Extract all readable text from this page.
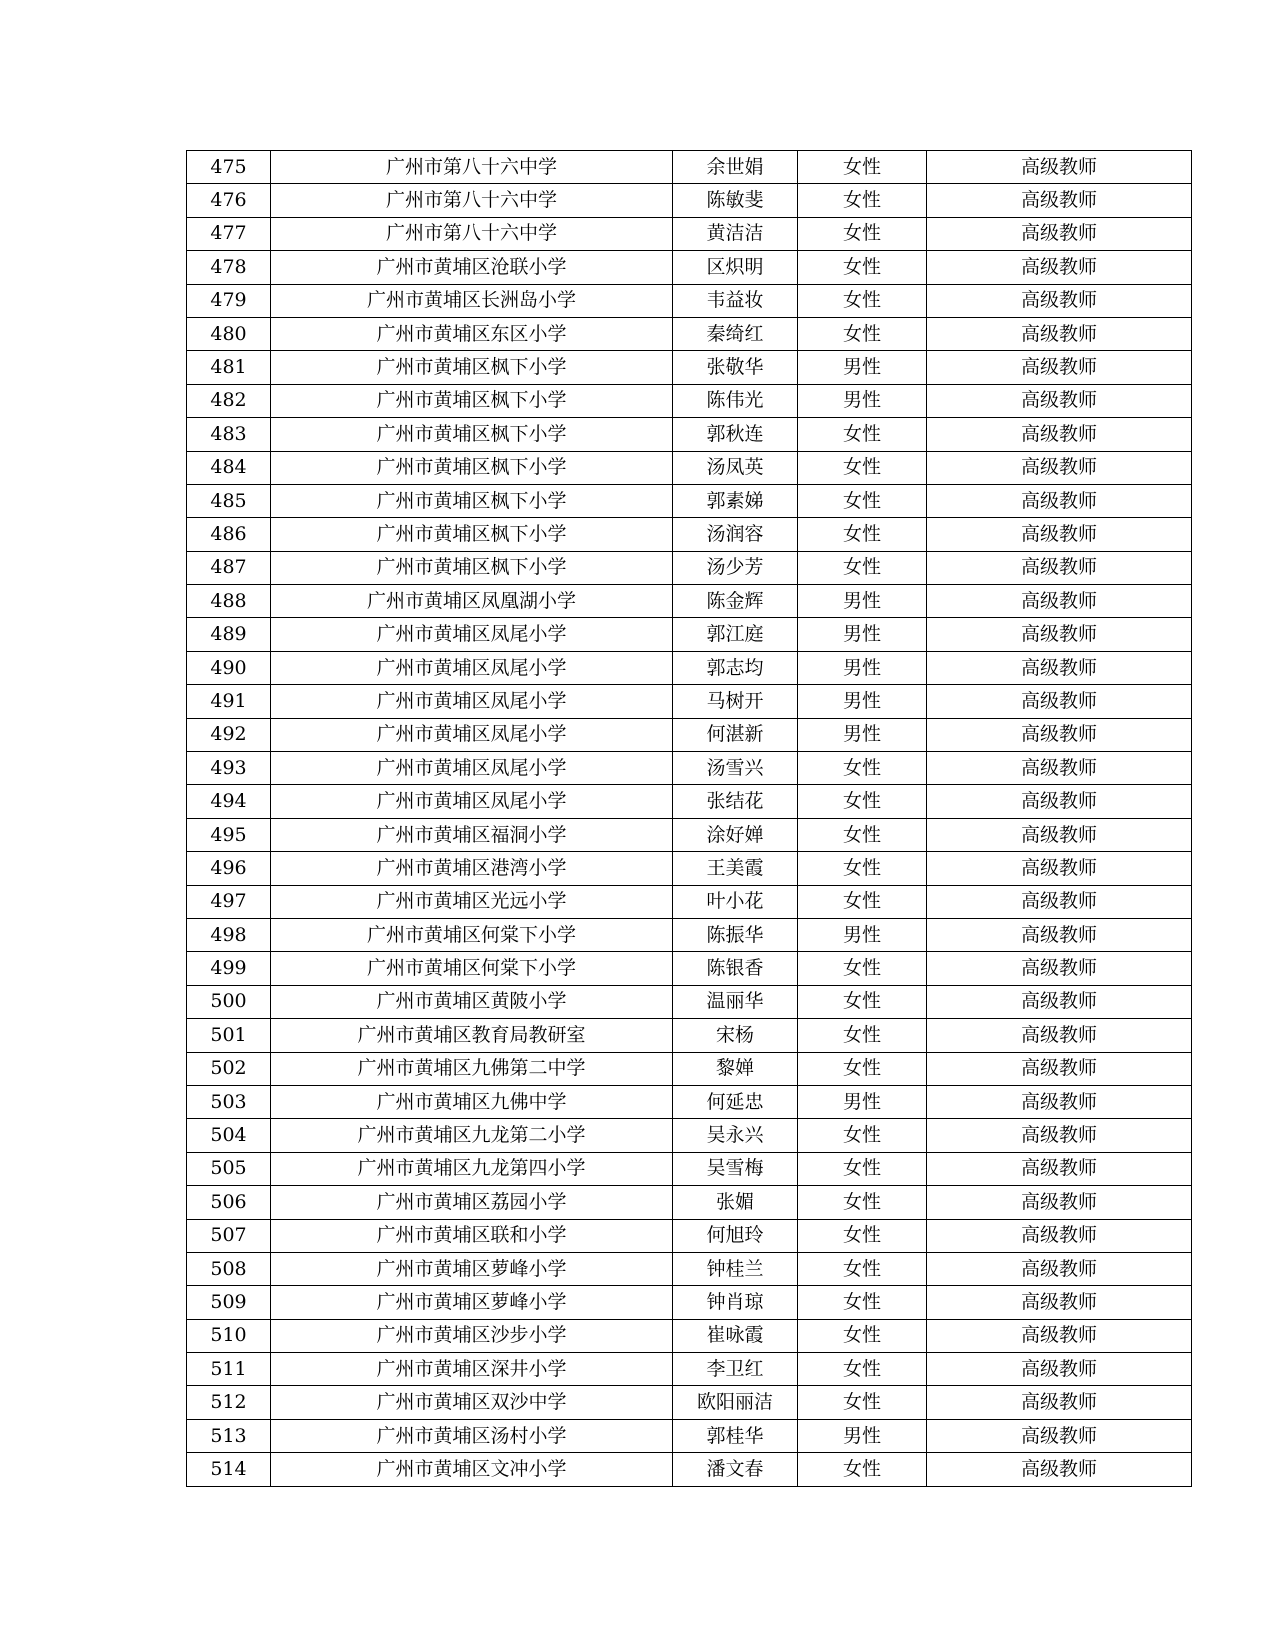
475	广州市第八十六中学	余世娟	女性	高级教师
476	广州市第八十六中学	陈敏斐	女性	高级教师
477	广州市第八十六中学	黄洁洁	女性	高级教师
478	广州市黄埔区沧联小学	区炽明	女性	高级教师
479	广州市黄埔区长洲岛小学	韦益妆	女性	高级教师
480	广州市黄埔区东区小学	秦绮红	女性	高级教师
481	广州市黄埔区枫下小学	张敬华	男性	高级教师
482	广州市黄埔区枫下小学	陈伟光	男性	高级教师
483	广州市黄埔区枫下小学	郭秋连	女性	高级教师
484	广州市黄埔区枫下小学	汤凤英	女性	高级教师
485	广州市黄埔区枫下小学	郭素娣	女性	高级教师
486	广州市黄埔区枫下小学	汤润容	女性	高级教师
487	广州市黄埔区枫下小学	汤少芳	女性	高级教师
488	广州市黄埔区凤凰湖小学	陈金辉	男性	高级教师
489	广州市黄埔区凤尾小学	郭江庭	男性	高级教师
490	广州市黄埔区凤尾小学	郭志均	男性	高级教师
491	广州市黄埔区凤尾小学	马树开	男性	高级教师
492	广州市黄埔区凤尾小学	何湛新	男性	高级教师
493	广州市黄埔区凤尾小学	汤雪兴	女性	高级教师
494	广州市黄埔区凤尾小学	张结花	女性	高级教师
495	广州市黄埔区福洞小学	涂好婵	女性	高级教师
496	广州市黄埔区港湾小学	王美霞	女性	高级教师
497	广州市黄埔区光远小学	叶小花	女性	高级教师
498	广州市黄埔区何棠下小学	陈振华	男性	高级教师
499	广州市黄埔区何棠下小学	陈银香	女性	高级教师
500	广州市黄埔区黄陂小学	温丽华	女性	高级教师
501	广州市黄埔区教育局教研室	宋杨	女性	高级教师
502	广州市黄埔区九佛第二中学	黎婵	女性	高级教师
503	广州市黄埔区九佛中学	何延忠	男性	高级教师
504	广州市黄埔区九龙第二小学	吴永兴	女性	高级教师
505	广州市黄埔区九龙第四小学	吴雪梅	女性	高级教师
506	广州市黄埔区荔园小学	张媚	女性	高级教师
507	广州市黄埔区联和小学	何旭玲	女性	高级教师
508	广州市黄埔区萝峰小学	钟桂兰	女性	高级教师
509	广州市黄埔区萝峰小学	钟肖琼	女性	高级教师
510	广州市黄埔区沙步小学	崔咏霞	女性	高级教师
511	广州市黄埔区深井小学	李卫红	女性	高级教师
512	广州市黄埔区双沙中学	欧阳丽洁	女性	高级教师
513	广州市黄埔区汤村小学	郭桂华	男性	高级教师
514	广州市黄埔区文冲小学	潘文春	女性	高级教师
